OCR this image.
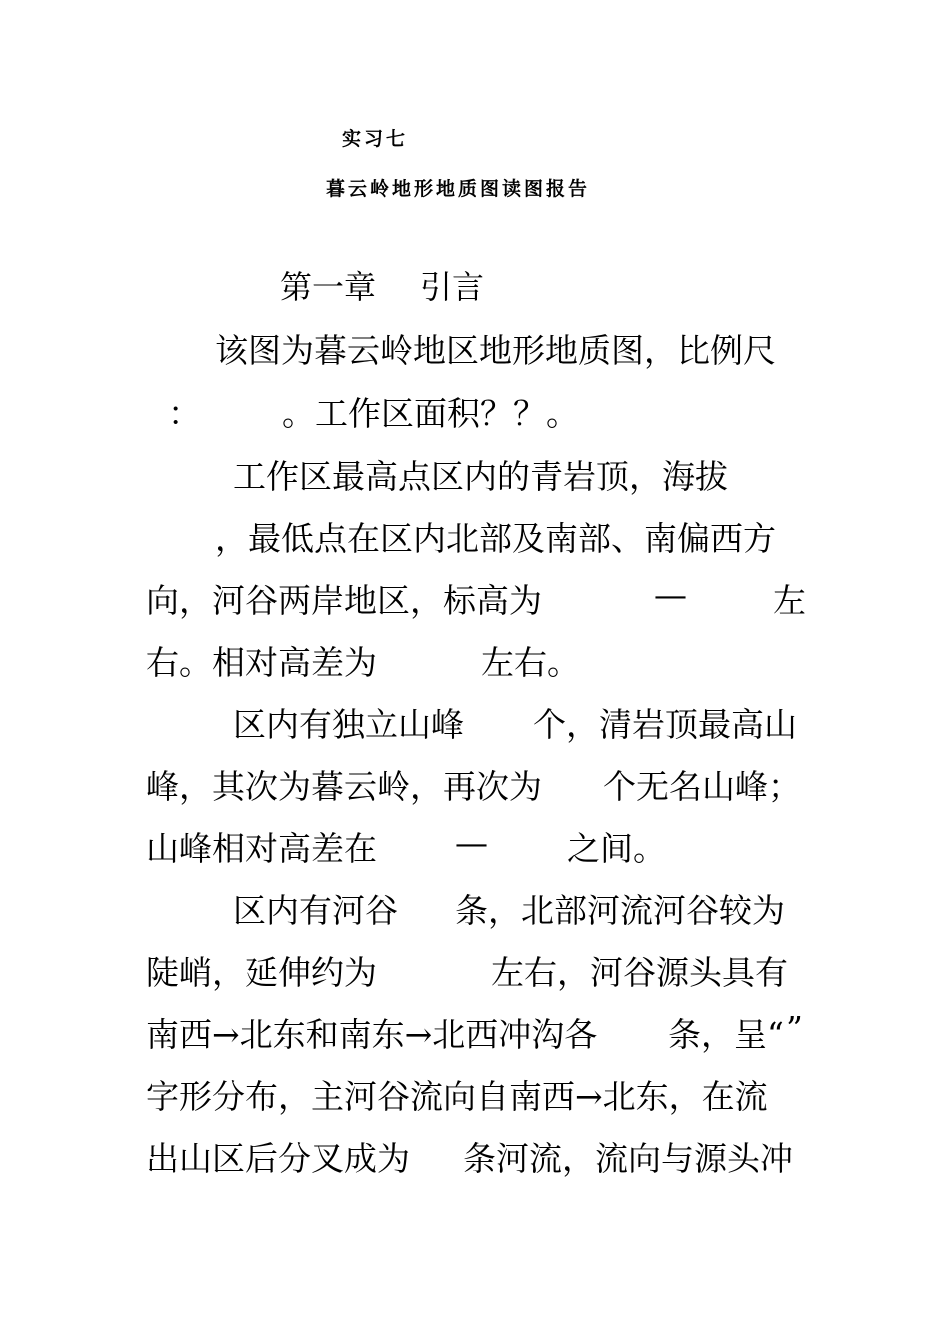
实习七
暮云岭地形地质图读图报告
第一章 引言
该图为暮云岭地区地形地质图，比例尺
： 。工作区面积？？。
工作区最高点区内的青岩顶，海拔
，最低点在区内北部及南部、南偏西方
向，河谷两岸地区，标高为	—	左
右。相对高差为	左右。
区内有独立山峰 个，清岩顶最高山
峰，其次为暮云岭，再次为 个无名山峰；
山峰相对高差在 — 之间。
区内有河谷 条，北部河流河谷较为
陡峭，延伸约为	左右，河谷源头具有
南西→北东和南东→北西冲沟各 条，呈“ ”
字形分布，主河谷流向自南西→北东，在流
出山区后分叉成为 条河流，流向与源头冲
